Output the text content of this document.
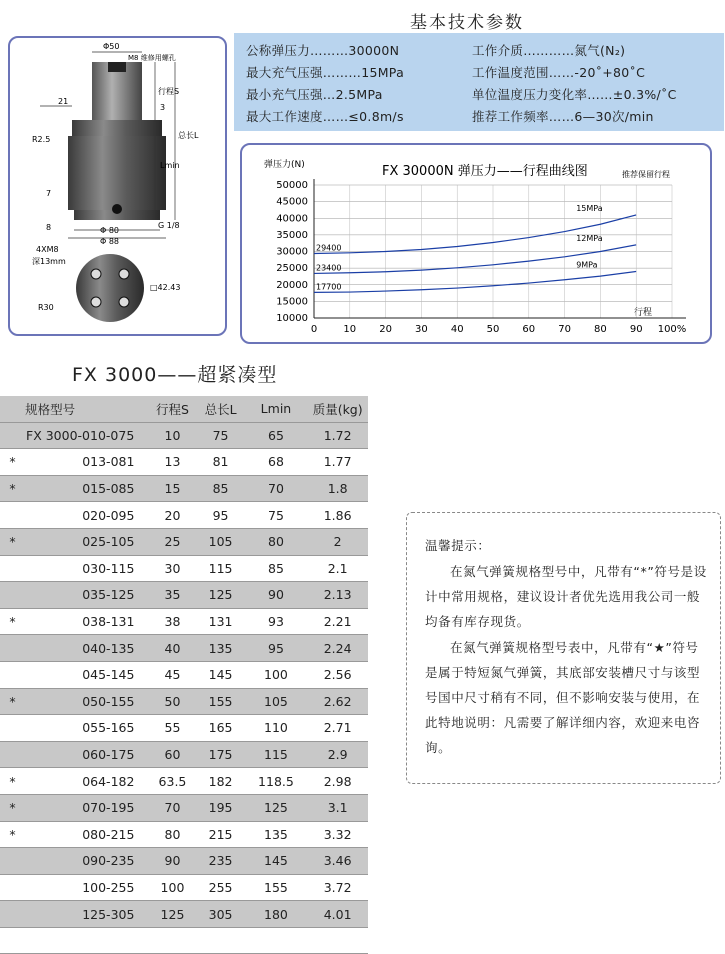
基本技术参数
公称弹压力………30000N	工作介质…………氮气(N₂)
最大充气压强………15MPa	工作温度范围……-20˚+80˚C
最小充气压强…2.5MPa	单位温度压力变化率……±0.3%/˚C
最大工作速度……≤0.8m/s	推荐工作频率……6—30次/min
Φ50
M8 维修用螺孔
行程S
3
21
R2.5	总长L
Lmin
7
8	G 1/8
Φ 80
Φ 88
4XM8
深13mm
□42.43
R30
弹压力(N)	FX 30000N 弹压力——行程曲线图	推荐保留行程
行程
10000
15000
20000
25000
30000
35000
40000
45000
50000
0	10 20 30 40 50 60 70 80 90 100%
15MPa
29400
12MPa
23400	9MPa
17700
FX 3000——超紧凑型
	规格型号	行程S	总长L	Lmin	质量(kg)
FX 3000-010-075		10	75	65	1.72
*	013-081	13	81	68	1.77
*	015-085	15	85	70	1.8
	020-095	20	95	75	1.86
*	025-105	25	105	80	2
	030-115	30	115	85	2.1
	035-125	35	125	90	2.13
*	038-131	38	131	93	2.21
	040-135	40	135	95	2.24
	045-145	45	145	100	2.56
*	050-155	50	155	105	2.62
	055-165	55	165	110	2.71
	060-175	60	175	115	2.9
*	064-182	63.5	182	118.5	2.98
*	070-195	70	195	125	3.1
*	080-215	80	215	135	3.32
	090-235	90	235	145	3.46
	100-255	100	255	155	3.72
	125-305	125	305	180	4.01

温馨提示：
在氮气弹簧规格型号中，凡带有“*”符号是设计中常用规格，建议设计者优先选用我公司一般均备有库存现货。
在氮气弹簧规格型号表中，凡带有“★”符号是属于特短氮气弹簧，其底部安装槽尺寸与该型号国中尺寸稍有不同，但不影响安装与使用，在此特地说明：凡需要了解详细内容，欢迎来电咨询。
